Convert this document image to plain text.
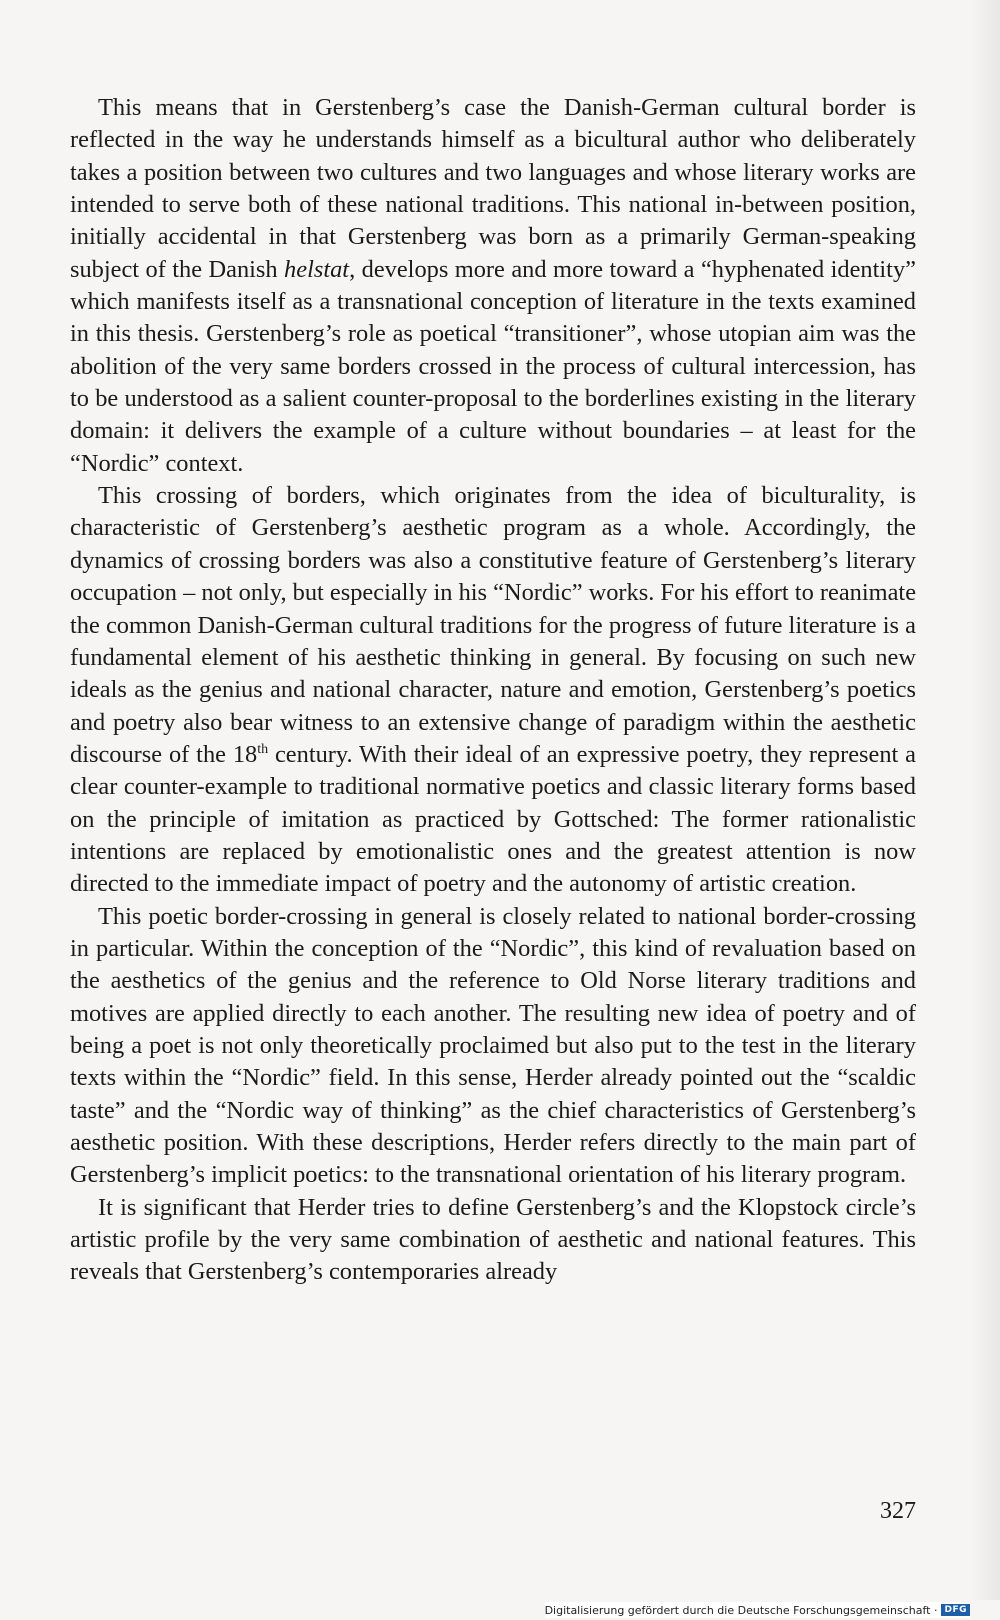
This means that in Gerstenberg’s case the Danish-German cultural border is reflected in the way he understands himself as a bicultural author who deliberately takes a position between two cultures and two languages and whose literary works are intended to serve both of these national traditions. This national in-between position, initially accidental in that Gerstenberg was born as a primarily German-speaking subject of the Danish helstat, develops more and more toward a “hyphenated identity” which manifests itself as a transnational conception of literature in the texts examined in this thesis. Gerstenberg’s role as poetical “transitioner”, whose utopian aim was the abolition of the very same borders crossed in the process of cultural intercession, has to be understood as a salient counter-proposal to the borderlines existing in the literary domain: it delivers the example of a culture without boundaries – at least for the “Nordic” context.

This crossing of borders, which originates from the idea of biculturality, is characteristic of Gerstenberg’s aesthetic program as a whole. Accordingly, the dynamics of crossing borders was also a constitutive feature of Gerstenberg’s literary occupation – not only, but especially in his “Nordic” works. For his effort to reanimate the common Danish-German cultural traditions for the progress of future literature is a fundamental element of his aesthetic thinking in general. By focusing on such new ideals as the genius and national character, nature and emotion, Gerstenberg’s poetics and poetry also bear witness to an extensive change of paradigm within the aesthetic discourse of the 18th century. With their ideal of an expressive poetry, they represent a clear counter-example to traditional normative poetics and classic literary forms based on the principle of imitation as practiced by Gottsched: The former rationalistic intentions are replaced by emotionalistic ones and the greatest attention is now directed to the immediate impact of poetry and the autonomy of artistic creation.

This poetic border-crossing in general is closely related to national border-crossing in particular. Within the conception of the “Nordic”, this kind of revaluation based on the aesthetics of the genius and the reference to Old Norse literary traditions and motives are applied directly to each another. The resulting new idea of poetry and of being a poet is not only theoretically proclaimed but also put to the test in the literary texts within the “Nordic” field. In this sense, Herder already pointed out the “scaldic taste” and the “Nordic way of thinking” as the chief characteristics of Gerstenberg’s aesthetic position. With these descriptions, Herder refers directly to the main part of Gerstenberg’s implicit poetics: to the transnational orientation of his literary program.

It is significant that Herder tries to define Gerstenberg’s and the Klopstock circle’s artistic profile by the very same combination of aesthetic and national features. This reveals that Gerstenberg’s contemporaries already

327
Digitalisierung gefördert durch die Deutsche Forschungsgemeinschaft · DFG
